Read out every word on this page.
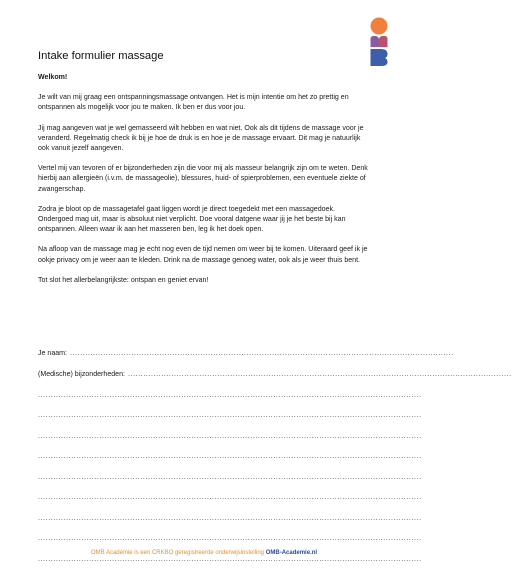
Intake formulier massage
Welkom!

Je wilt van mij graag een ontspanningsmassage ontvangen. Het is mijn intentie om het zo prettig en ontspannen als mogelijk voor jou te maken. Ik ben er dus voor jou.

Jij mag aangeven wat je wel gemasseerd wilt hebben en wat niet. Ook als dit tijdens de massage voor je veranderd. Regelmatig check ik bij je hoe de druk is en hoe je de massage ervaart. Dit mag je natuurlijk ook vanuit jezelf aangeven.

Vertel mij van tevoren of er bijzonderheden zijn die voor mij als masseur belangrijk zijn om te weten. Denk hierbij aan allergieën (i.v.m. de massageolie), blessures, huid- of spierproblemen, een eventuele ziekte of zwangerschap.

Zodra je bloot op de massagetafel gaat liggen wordt je direct toegedekt met een massagedoek. Ondergoed mag uit, maar is absoluut niet verplicht. Doe vooral datgene waar jij je het beste bij kan ontspannen. Alleen waar ik aan het masseren ben, leg ik het doek open.

Na afloop van de massage mag je echt nog even de tijd nemen om weer bij te komen. Uiteraard geef ik je ookje privacy om je weer aan te kleden. Drink na de massage genoeg water, ook als je weer thuis bent.

Tot slot het allerbelangrijkste: ontspan en geniet ervan!

Je naam: ......................................................................................................................................................
(Medische) bijzonderheden: ......................................................................................................................................................
......................................................................................................................................................
......................................................................................................................................................
......................................................................................................................................................
......................................................................................................................................................
......................................................................................................................................................
......................................................................................................................................................
......................................................................................................................................................
......................................................................................................................................................
......................................................................................................................................................
OMB Academie is een CRKBO geregistreerde onderwijsinstelling OMB-Academie.nl
